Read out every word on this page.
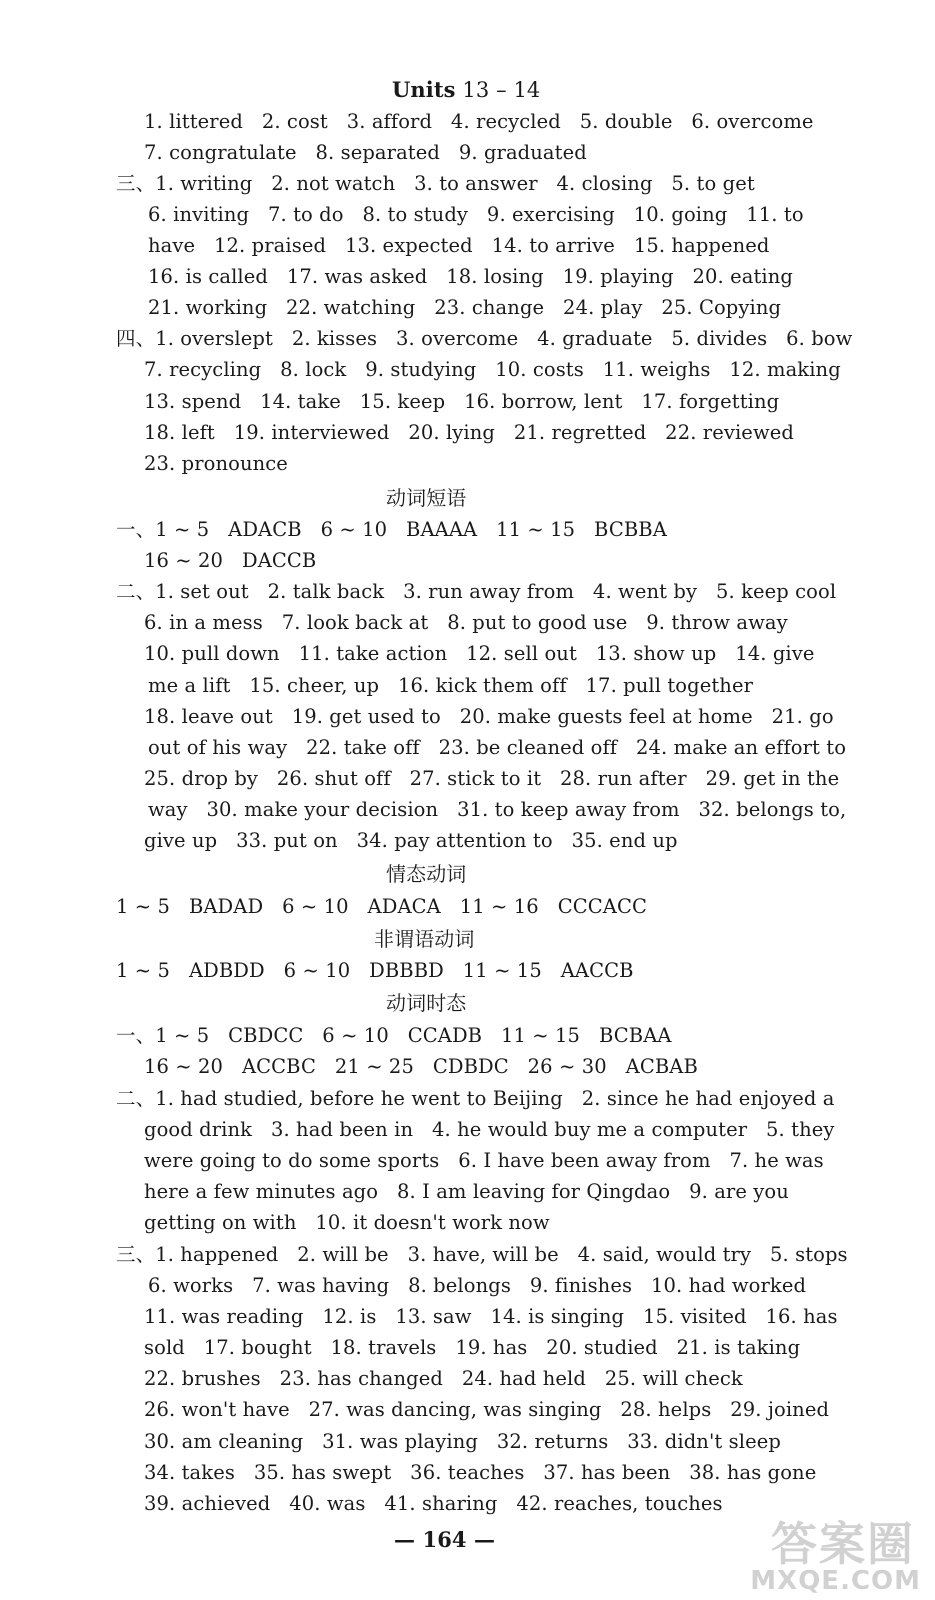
Units 13 – 14
1. littered   2. cost   3. afford   4. recycled   5. double   6. overcome
7. congratulate   8. separated   9. graduated
三、1. writing   2. not watch   3. to answer   4. closing   5. to get
6. inviting   7. to do   8. to study   9. exercising   10. going   11. to
have   12. praised   13. expected   14. to arrive   15. happened
16. is called   17. was asked   18. losing   19. playing   20. eating
21. working   22. watching   23. change   24. play   25. Copying
四、1. overslept   2. kisses   3. overcome   4. graduate   5. divides   6. bow
7. recycling   8. lock   9. studying   10. costs   11. weighs   12. making
13. spend   14. take   15. keep   16. borrow, lent   17. forgetting
18. left   19. interviewed   20. lying   21. regretted   22. reviewed
23. pronounce
动词短语
一、1 ~ 5   ADACB   6 ~ 10   BAAAA   11 ~ 15   BCBBA
16 ~ 20   DACCB
二、1. set out   2. talk back   3. run away from   4. went by   5. keep cool
6. in a mess   7. look back at   8. put to good use   9. throw away
10. pull down   11. take action   12. sell out   13. show up   14. give
me a lift   15. cheer, up   16. kick them off   17. pull together
18. leave out   19. get used to   20. make guests feel at home   21. go
out of his way   22. take off   23. be cleaned off   24. make an effort to
25. drop by   26. shut off   27. stick to it   28. run after   29. get in the
way   30. make your decision   31. to keep away from   32. belongs to,
give up   33. put on   34. pay attention to   35. end up
情态动词
1 ~ 5   BADAD   6 ~ 10   ADACA   11 ~ 16   CCCACC
非谓语动词
1 ~ 5   ADBDD   6 ~ 10   DBBBD   11 ~ 15   AACCB
动词时态
一、1 ~ 5   CBDCC   6 ~ 10   CCADB   11 ~ 15   BCBAA
16 ~ 20   ACCBC   21 ~ 25   CDBDC   26 ~ 30   ACBAB
二、1. had studied, before he went to Beijing   2. since he had enjoyed a
good drink   3. had been in   4. he would buy me a computer   5. they
were going to do some sports   6. I have been away from   7. he was
here a few minutes ago   8. I am leaving for Qingdao   9. are you
getting on with   10. it doesn't work now
三、1. happened   2. will be   3. have, will be   4. said, would try   5. stops
6. works   7. was having   8. belongs   9. finishes   10. had worked
11. was reading   12. is   13. saw   14. is singing   15. visited   16. has
sold   17. bought   18. travels   19. has   20. studied   21. is taking
22. brushes   23. has changed   24. had held   25. will check
26. won't have   27. was dancing, was singing   28. helps   29. joined
30. am cleaning   31. was playing   32. returns   33. didn't sleep
34. takes   35. has swept   36. teaches   37. has been   38. has gone
39. achieved   40. was   41. sharing   42. reaches, touches
— 164 —	答案圈
MXQE.COM
